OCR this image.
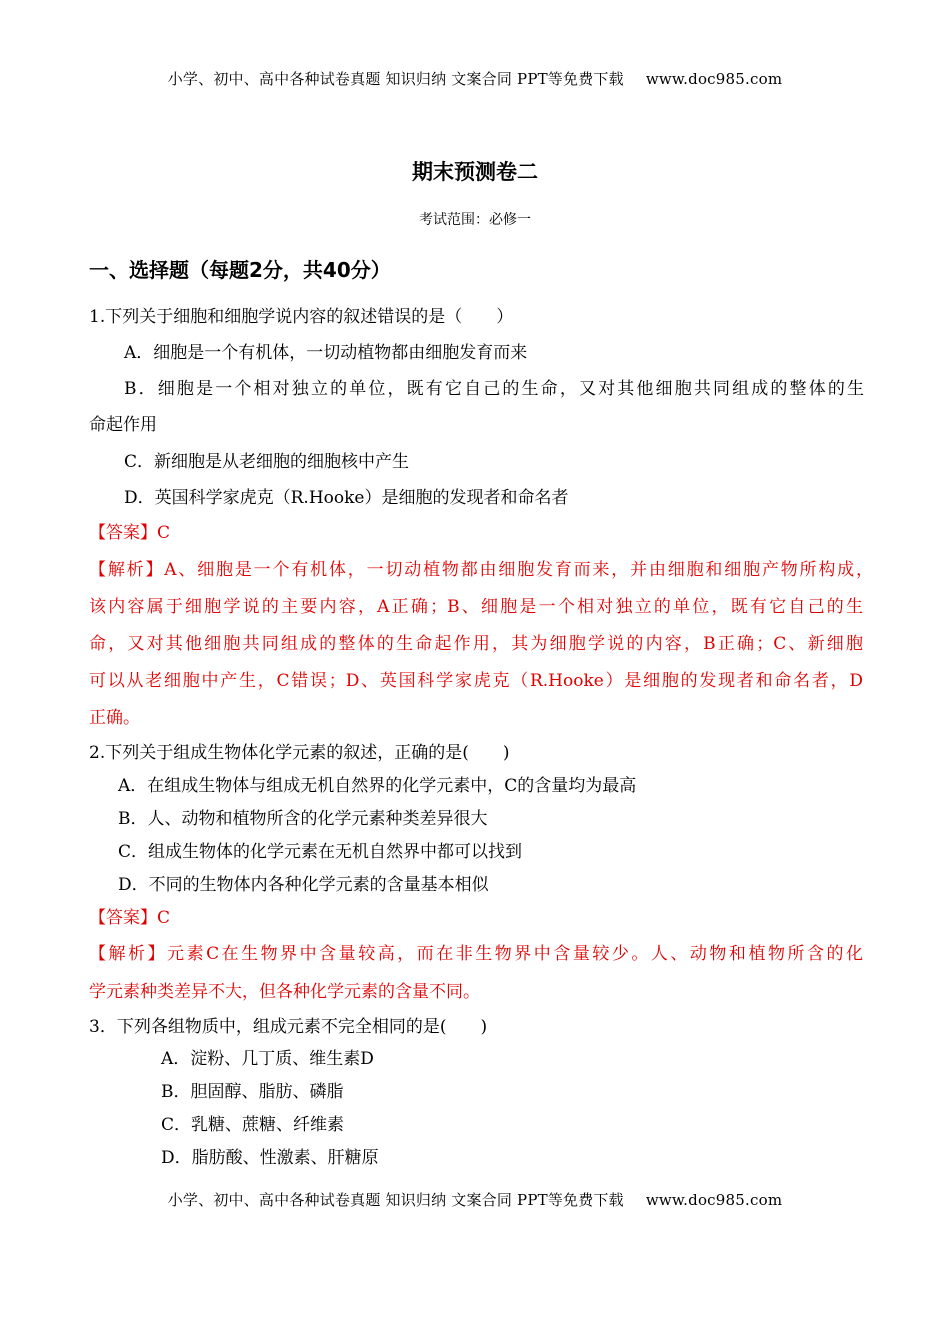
小学、初中、高中各种试卷真题 知识归纳 文案合同 PPT等免费下载 www.doc985.com
期末预测卷二
考试范围：必修一
一、选择题（每题2分，共40分）
1.下列关于细胞和细胞学说内容的叙述错误的是（　　）
A．细胞是一个有机体，一切动植物都由细胞发育而来
B．细胞是一个相对独立的单位，既有它自己的生命，又对其他细胞共同组成的整体的生
命起作用
C．新细胞是从老细胞的细胞核中产生
D．英国科学家虎克（R.Hooke）是细胞的发现者和命名者
【答案】C
【解析】A、细胞是一个有机体，一切动植物都由细胞发育而来，并由细胞和细胞产物所构成，
该内容属于细胞学说的主要内容，A正确；B、细胞是一个相对独立的单位，既有它自己的生
命，又对其他细胞共同组成的整体的生命起作用，其为细胞学说的内容，B正确；C、新细胞
可以从老细胞中产生，C错误；D、英国科学家虎克（R.Hooke）是细胞的发现者和命名者，D
正确。
2.下列关于组成生物体化学元素的叙述，正确的是(　　)
A．在组成生物体与组成无机自然界的化学元素中，C的含量均为最高
B．人、动物和植物所含的化学元素种类差异很大
C．组成生物体的化学元素在无机自然界中都可以找到
D．不同的生物体内各种化学元素的含量基本相似
【答案】C
【解析】元素C在生物界中含量较高，而在非生物界中含量较少。人、动物和植物所含的化
学元素种类差异不大，但各种化学元素的含量不同。
3．下列各组物质中，组成元素不完全相同的是(　　)
A．淀粉、几丁质、维生素D
B．胆固醇、脂肪、磷脂
C．乳糖、蔗糖、纤维素
D．脂肪酸、性激素、肝糖原
小学、初中、高中各种试卷真题 知识归纳 文案合同 PPT等免费下载 www.doc985.com
